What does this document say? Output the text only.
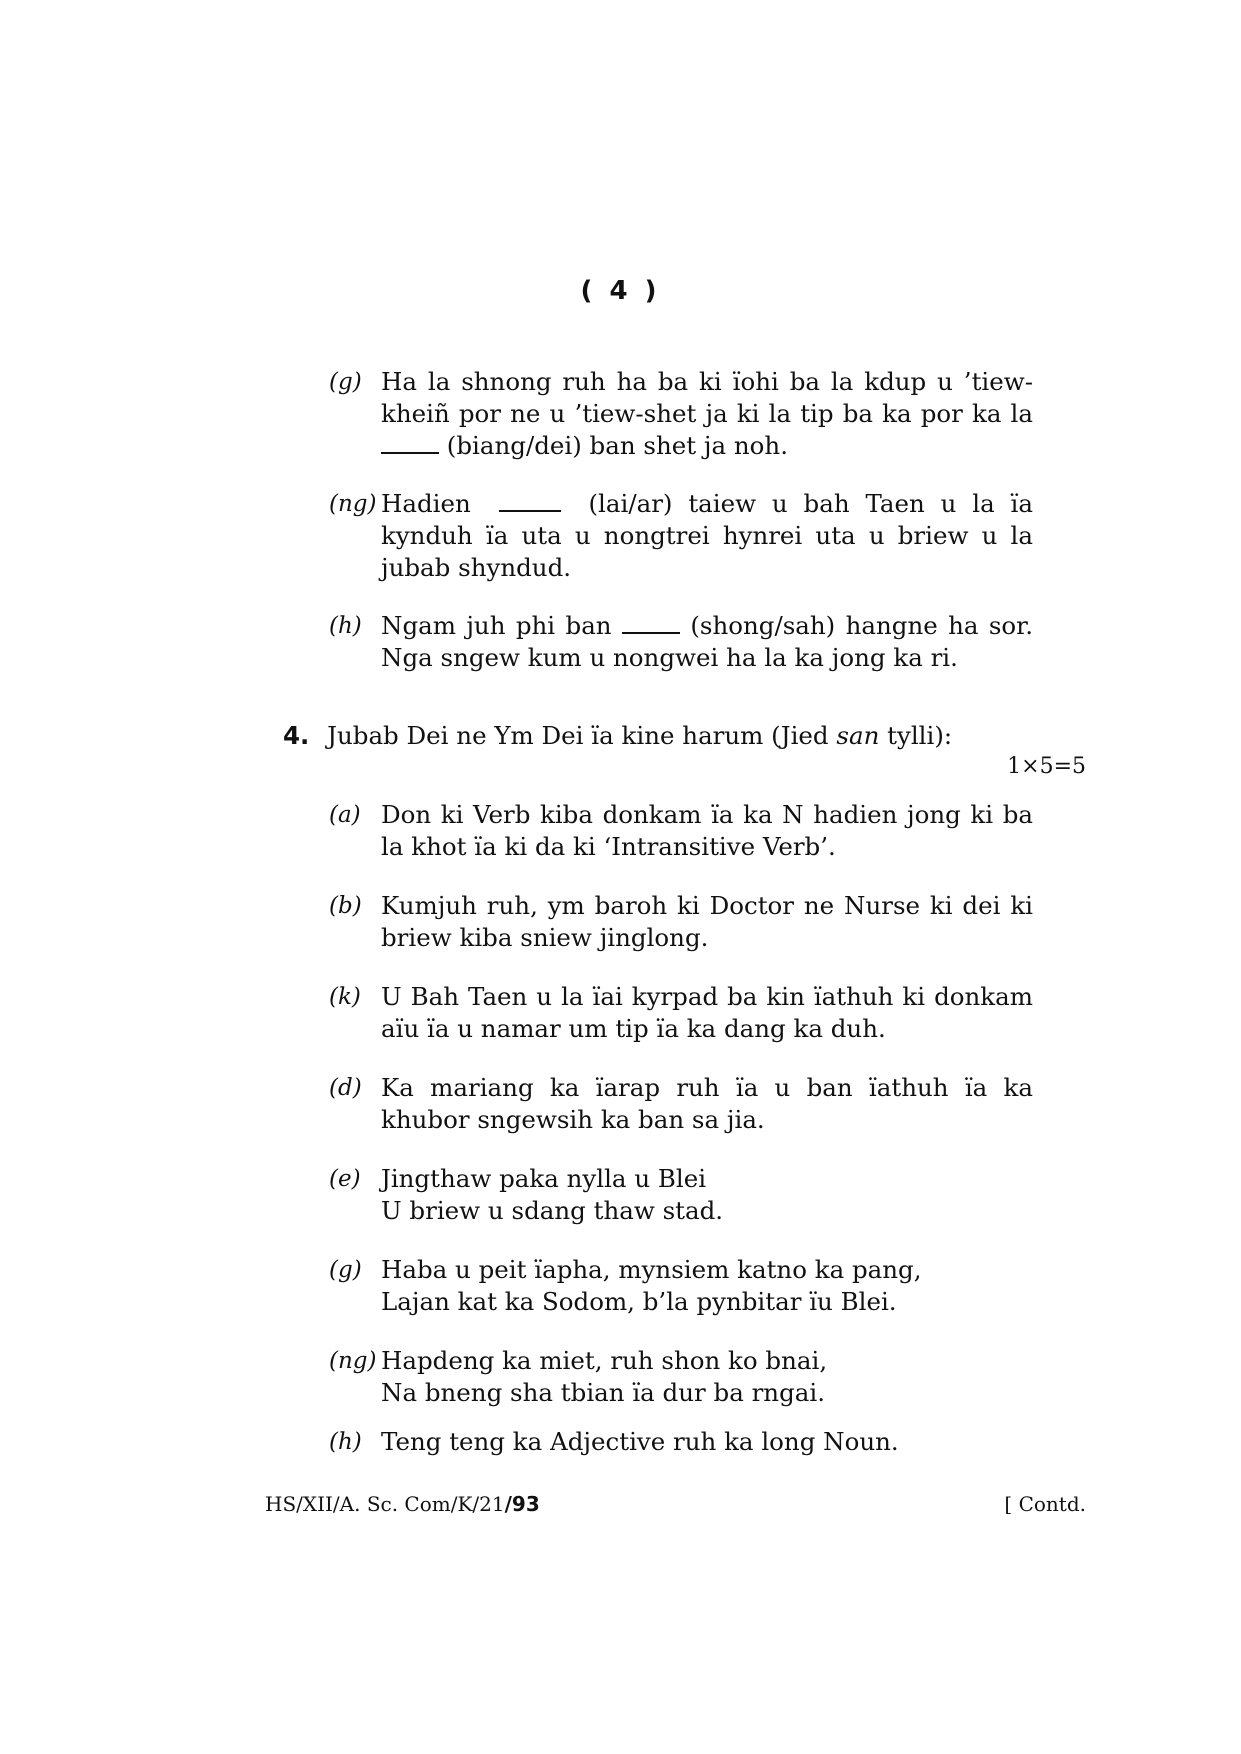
( 4 )
(g) Ha la shnong ruh ha ba ki ïohi ba la kdup u ’tiew-kheiñ por ne u ’tiew-shet ja ki la tip ba ka por ka la  (biang/dei) ban shet ja noh.
(ng) Hadien	(lai/ar) taiew u bah Taen u la ïa kynduh ïa uta u nongtrei hynrei uta u briew u la jubab shyndud.
(h) Ngam juh phi ban	(shong/sah) hangne ha sor. Nga sngew kum u nongwei ha la ka jong ka ri.
4. Jubab Dei ne Ym Dei ïa kine harum (Jied san tylli):
1×5=5
(a) Don ki Verb kiba donkam ïa ka N hadien jong ki ba la khot ïa ki da ki ‘Intransitive Verb’.
(b) Kumjuh ruh, ym baroh ki Doctor ne Nurse ki dei ki briew kiba sniew jinglong.
(k) U Bah Taen u la ïai kyrpad ba kin ïathuh ki donkam aïu ïa u namar um tip ïa ka dang ka duh.
(d) Ka mariang ka ïarap ruh ïa u ban ïathuh ïa ka khubor sngewsih ka ban sa jia.
(e) Jingthaw paka nylla u Blei
U briew u sdang thaw stad.
(g) Haba u peit ïapha, mynsiem katno ka pang,
Lajan kat ka Sodom, b’la pynbitar ïu Blei.
(ng) Hapdeng ka miet, ruh shon ko bnai,
Na bneng sha tbian ïa dur ba rngai.
(h) Teng teng ka Adjective ruh ka long Noun.
HS/XII/A. Sc. Com/K/21/93	[ Contd.
